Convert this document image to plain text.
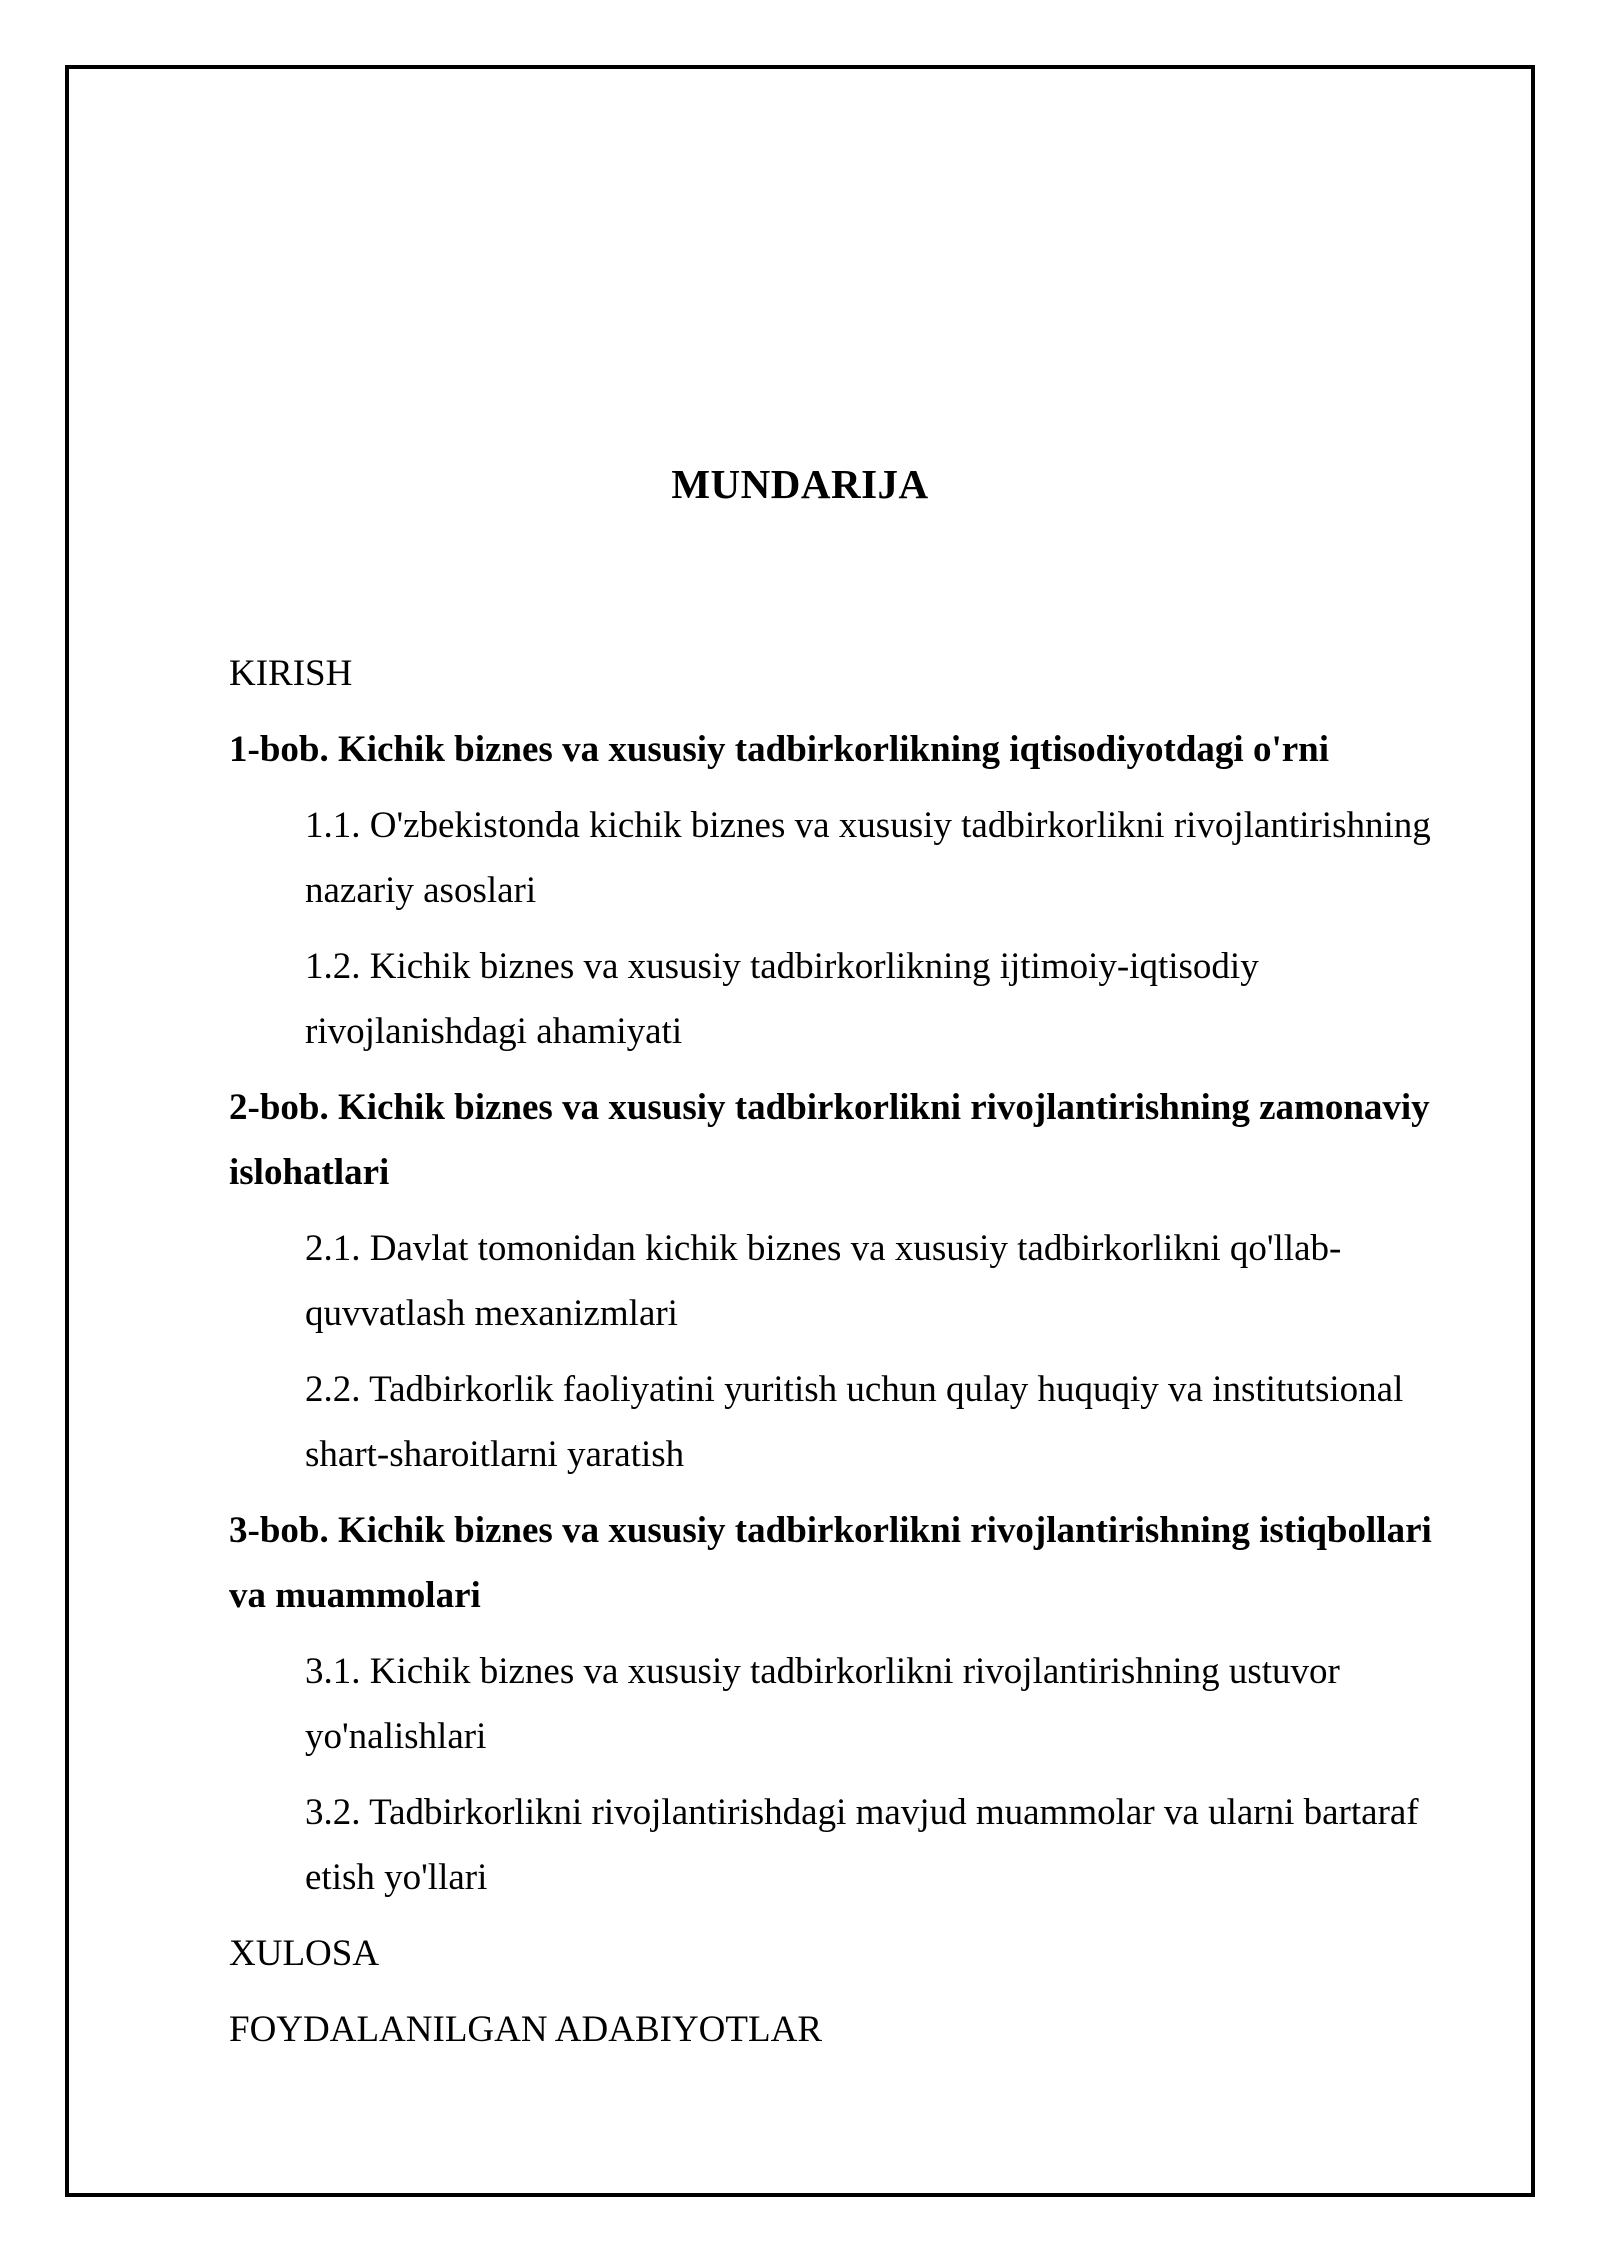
MUNDARIJA

KIRISH

1-bob. Kichik biznes va xususiy tadbirkorlikning iqtisodiyotdagi o'rni

1.1. O'zbekistonda kichik biznes va xususiy tadbirkorlikni rivojlantirishning nazariy asoslari

1.2. Kichik biznes va xususiy tadbirkorlikning ijtimoiy-iqtisodiy rivojlanishdagi ahamiyati

2-bob. Kichik biznes va xususiy tadbirkorlikni rivojlantirishning zamonaviy islohatlari

2.1. Davlat tomonidan kichik biznes va xususiy tadbirkorlikni qo'llab-quvvatlash mexanizmlari

2.2. Tadbirkorlik faoliyatini yuritish uchun qulay huquqiy va institutsional shart-sharoitlarni yaratish

3-bob. Kichik biznes va xususiy tadbirkorlikni rivojlantirishning istiqbollari va muammolari

3.1. Kichik biznes va xususiy tadbirkorlikni rivojlantirishning ustuvor yo'nalishlari

3.2. Tadbirkorlikni rivojlantirishdagi mavjud muammolar va ularni bartaraf etish yo'llari

XULOSA

FOYDALANILGAN ADABIYOTLAR
